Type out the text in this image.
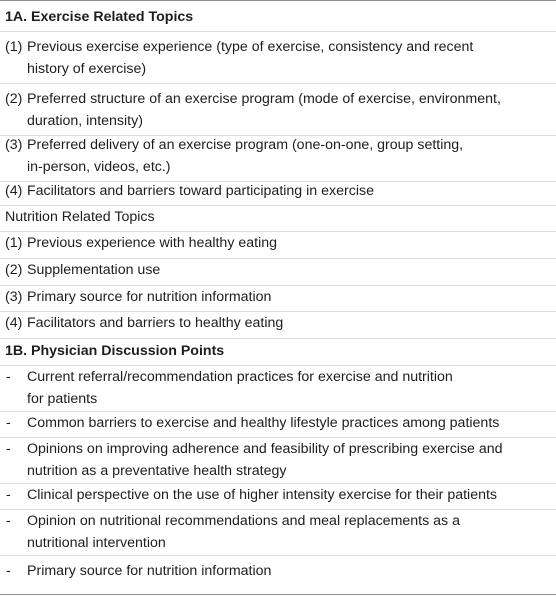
1A. Exercise Related Topics
(1) Previous exercise experience (type of exercise, consistency and recent
history of exercise)
(2) Preferred structure of an exercise program (mode of exercise, environment,
duration, intensity)
(3) Preferred delivery of an exercise program (one-on-one, group setting,
in-person, videos, etc.)
(4) Facilitators and barriers toward participating in exercise
Nutrition Related Topics
(1) Previous experience with healthy eating
(2) Supplementation use
(3) Primary source for nutrition information
(4) Facilitators and barriers to healthy eating
1B. Physician Discussion Points
- Current referral/recommendation practices for exercise and nutrition
for patients
- Common barriers to exercise and healthy lifestyle practices among patients
- Opinions on improving adherence and feasibility of prescribing exercise and
nutrition as a preventative health strategy
- Clinical perspective on the use of higher intensity exercise for their patients
- Opinion on nutritional recommendations and meal replacements as a
nutritional intervention
- Primary source for nutrition information
